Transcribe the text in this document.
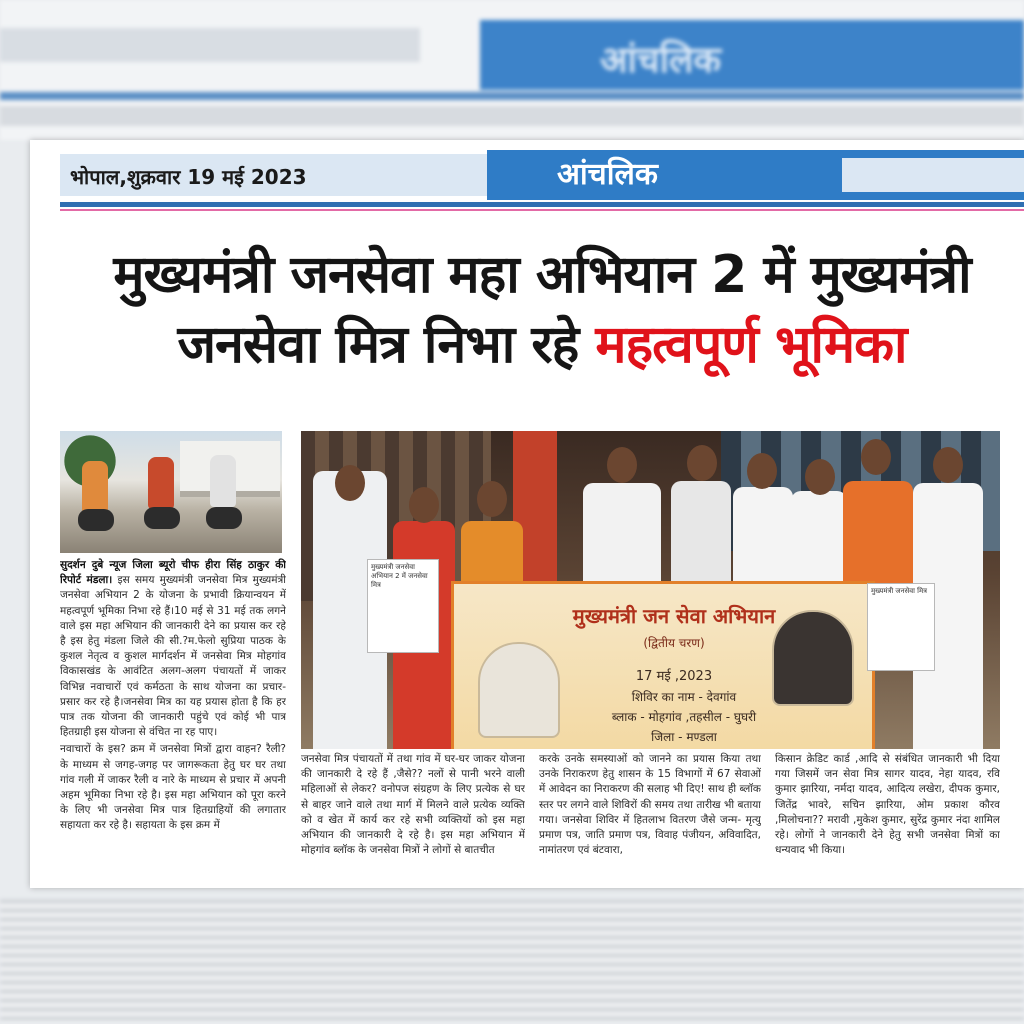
आंचलिक
भोपाल,शुक्रवार 19 मई 2023	आंचलिक
मुख्यमंत्री जनसेवा महा अभियान 2 में मुख्यमंत्री
जनसेवा मित्र निभा रहे महत्वपूर्ण भूमिका
मुख्यमंत्री जन सेवा अभियान
(द्वितीय चरण)
17 मई ,2023
शिविर का नाम - देवगांव
ब्लाक - मोहगांव ,तहसील - घुघरी
जिला - मण्डला
मुख्यमंत्री जनसेवा अभियान 2 में जनसेवा मित्र
मुख्यमंत्री जनसेवा मित्र

सुदर्शन दुबे न्यूज जिला ब्यूरो चीफ हीरा सिंह ठाकुर की रिपोर्ट मंडला। इस समय मुख्यमंत्री जनसेवा मित्र मुख्यमंत्री जनसेवा अभियान 2 के योजना के प्रभावी क्रियान्वयन में महत्वपूर्ण भूमिका निभा रहे हैं।10 मई से 31 मई तक लगने वाले इस महा अभियान की जानकारी देने का प्रयास कर रहे है इस हेतु मंडला जिले की सी.?म.फेलो सुप्रिया पाठक के कुशल नेतृत्व व कुशल मार्गदर्शन में जनसेवा मित्र मोहगांव विकासखंड के आवंटित अलग-अलग पंचायतों में जाकर विभिन्न नवाचारों एवं कर्मठता के साथ योजना का प्रचार-प्रसार कर रहे है।जनसेवा मित्र का यह प्रयास होता है कि हर पात्र तक योजना की जानकारी पहुंचे एवं कोई भी पात्र हितग्राही इस योजना से वंचित ना रह पाए।

नवाचारों के इस? क्रम में जनसेवा मित्रों द्वारा वाहन? रैली? के माध्यम से जगह-जगह पर जागरूकता हेतु घर घर तथा गांव गली में जाकर रैली व नारे के माध्यम से प्रचार में अपनी अहम भूमिका निभा रहे है। इस महा अभियान को पूरा करने के लिए भी जनसेवा मित्र पात्र हितग्राहियों की लगातार सहायता कर रहे है। सहायता के इस क्रम में

जनसेवा मित्र पंचायतों में तथा गांव में घर-घर जाकर योजना की जानकारी दे रहे हैं ,जैसे?? नलों से पानी भरने वाली महिलाओं से लेकर? वनोपज संग्रहण के लिए प्रत्येक से घर से बाहर जाने वाले तथा मार्ग में मिलने वाले प्रत्येक व्यक्ति को व खेत में कार्य कर रहे सभी व्यक्तियों को इस महा अभियान की जानकारी दे रहे है। इस महा अभियान में मोहगांव ब्लॉक के जनसेवा मित्रों ने लोगों से बातचीत

करके उनके समस्याओं को जानने का प्रयास किया तथा उनके निराकरण हेतु शासन के 15 विभागों में 67 सेवाओं में आवेदन का निराकरण की सलाह भी दिए! साथ ही ब्लॉक स्तर पर लगने वाले शिविरों की समय तथा तारीख भी बताया गया। जनसेवा शिविर में हितलाभ वितरण जैसे जन्म- मृत्यु प्रमाण पत्र, जाति प्रमाण पत्र, विवाह पंजीयन, अविवादित, नामांतरण एवं बंटवारा,

किसान क्रेडिट कार्ड ,आदि से संबंधित जानकारी भी दिया गया जिसमें जन सेवा मित्र सागर यादव, नेहा यादव, रवि कुमार झारिया, नर्मदा यादव, आदित्य लखेरा, दीपक कुमार, जितेंद्र भावरे, सचिन झारिया, ओम प्रकाश कौरव ,मिलोचना?? मरावी ,मुकेश कुमार, सुरेंद्र कुमार नंदा शामिल रहे। लोगों ने जानकारी देने हेतु सभी जनसेवा मित्रों का धन्यवाद भी किया।
